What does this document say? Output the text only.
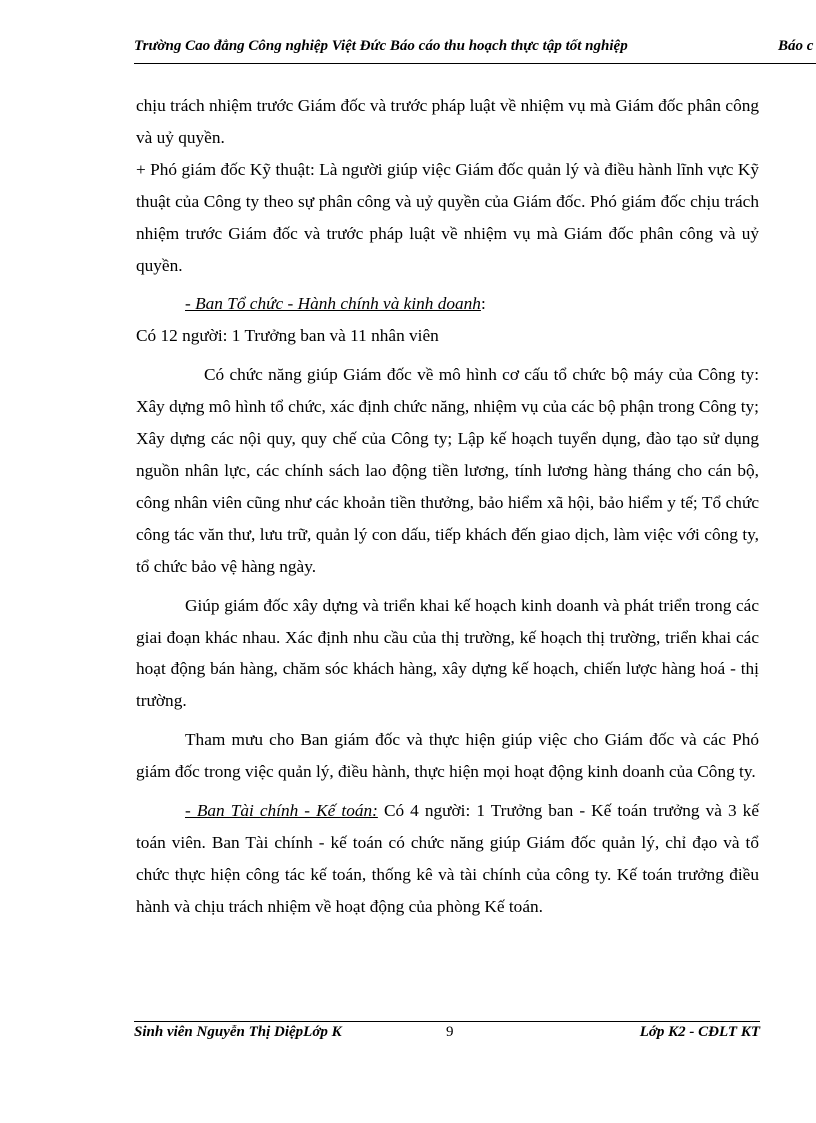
Trường Cao đẳng Công nghiệp Việt Đức Báo cáo thu hoạch thực tập tốt nghiệp	Báo c

chịu trách nhiệm trước Giám đốc và trước pháp luật về nhiệm vụ mà Giám đốc phân công và uỷ quyền.

+ Phó giám đốc Kỹ thuật: Là người giúp việc Giám đốc quản lý và điều hành lĩnh vực Kỹ thuật của Công ty theo sự phân công và uỷ quyền của Giám đốc. Phó giám đốc chịu trách nhiệm trước Giám đốc và trước pháp luật về nhiệm vụ mà Giám đốc phân công và uỷ quyền.

- Ban Tổ chức - Hành chính và kinh doanh:

Có 12 người: 1 Trưởng ban và 11 nhân viên

Có chức năng giúp Giám đốc về mô hình cơ cấu tổ chức bộ máy của Công ty: Xây dựng mô hình tổ chức, xác định chức năng, nhiệm vụ của các bộ phận trong Công ty; Xây dựng các nội quy, quy chế của Công ty; Lập kế hoạch tuyển dụng, đào tạo sử dụng nguồn nhân lực, các chính sách lao động tiền lương, tính lương hàng tháng cho cán bộ, công nhân viên cũng như các khoản tiền thưởng, bảo hiểm xã hội, bảo hiểm y tế; Tổ chức công tác văn thư, lưu trữ, quản lý con dấu, tiếp khách đến giao dịch, làm việc với công ty, tổ chức bảo vệ hàng ngày.

Giúp giám đốc xây dựng và triển khai kế hoạch kinh doanh và phát triển trong các giai đoạn khác nhau. Xác định nhu cầu của thị trường, kế hoạch thị trường, triển khai các hoạt động bán hàng, chăm sóc khách hàng, xây dựng kế hoạch, chiến lược hàng hoá - thị trường.

Tham mưu cho Ban giám đốc và thực hiện giúp việc cho Giám đốc và các Phó giám đốc trong việc quản lý, điều hành, thực hiện mọi hoạt động kinh doanh của Công ty.

- Ban Tài chính - Kế toán: Có 4 người: 1 Trưởng ban - Kế toán trưởng và 3 kế toán viên. Ban Tài chính - kế toán có chức năng giúp Giám đốc quản lý, chỉ đạo và tổ chức thực hiện công tác kế toán, thống kê và tài chính của công ty. Kế toán trưởng điều hành và chịu trách nhiệm về hoạt động của phòng Kế toán.

Sinh viên Nguyễn Thị DiệpLớp K	9	Lớp K2 - CĐLT KT
